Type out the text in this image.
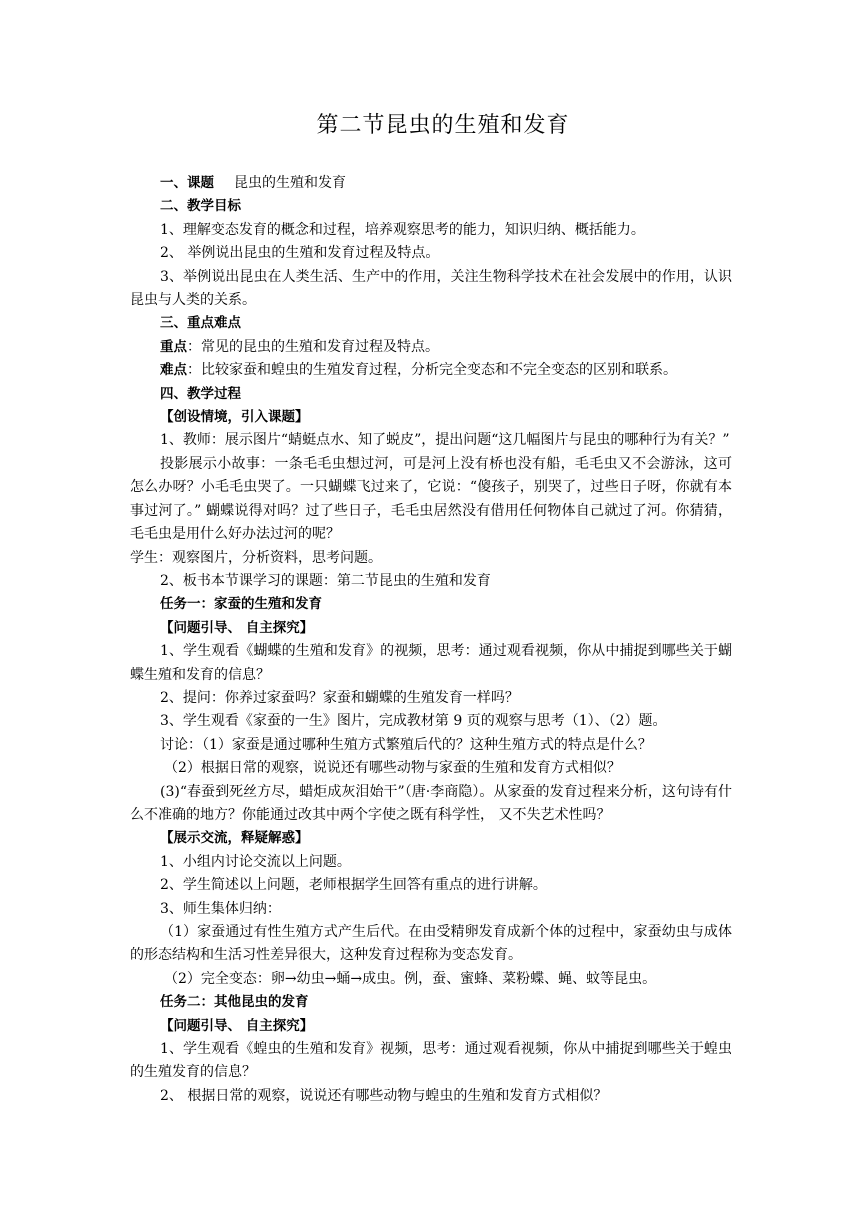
第二节昆虫的生殖和发育

一、课题 昆虫的生殖和发育

二、教学目标

1、理解变态发育的概念和过程，培养观察思考的能力，知识归纳、概括能力。

2、 举例说出昆虫的生殖和发育过程及特点。

3、举例说出昆虫在人类生活、生产中的作用，关注生物科学技术在社会发展中的作用，认识昆虫与人类的关系。

三、重点难点

重点：常见的昆虫的生殖和发育过程及特点。

难点：比较家蚕和蝗虫的生殖发育过程，分析完全变态和不完全变态的区别和联系。

四、教学过程

【创设情境，引入课题】

1、教师：展示图片“蜻蜓点水、知了蜕皮”，提出问题“这几幅图片与昆虫的哪种行为有关？”

投影展示小故事：一条毛毛虫想过河，可是河上没有桥也没有船，毛毛虫又不会游泳，这可怎么办呀？小毛毛虫哭了。一只蝴蝶飞过来了，它说：“傻孩子，别哭了，过些日子呀，你就有本事过河了。” 蝴蝶说得对吗？过了些日子，毛毛虫居然没有借用任何物体自己就过了河。你猜猜，毛毛虫是用什么好办法过河的呢？

学生：观察图片，分析资料，思考问题。

2、板书本节课学习的课题：第二节昆虫的生殖和发育

任务一：家蚕的生殖和发育

【问题引导、 自主探究】

1、学生观看《蝴蝶的生殖和发育》的视频，思考：通过观看视频，你从中捕捉到哪些关于蝴蝶生殖和发育的信息？

2、提问：你养过家蚕吗？家蚕和蝴蝶的生殖发育一样吗？

3、学生观看《家蚕的一生》图片，完成教材第 9 页的观察与思考（1）、（2）题。

讨论：（1）家蚕是通过哪种生殖方式繁殖后代的？这种生殖方式的特点是什么？

（2）根据日常的观察，说说还有哪些动物与家蚕的生殖和发育方式相似？

(3)“春蚕到死丝方尽，蜡炬成灰泪始干”（唐·李商隐）。从家蚕的发育过程来分析，这句诗有什么不准确的地方？你能通过改其中两个字使之既有科学性， 又不失艺术性吗？

【展示交流，释疑解惑】

1、小组内讨论交流以上问题。

2、学生简述以上问题，老师根据学生回答有重点的进行讲解。

3、师生集体归纳：

（1）家蚕通过有性生殖方式产生后代。在由受精卵发育成新个体的过程中，家蚕幼虫与成体的形态结构和生活习性差异很大，这种发育过程称为变态发育。

（2）完全变态：卵→幼虫→蛹→成虫。例，蚕、蜜蜂、菜粉蝶、蝇、蚊等昆虫。

任务二：其他昆虫的发育

【问题引导、 自主探究】

1、学生观看《蝗虫的生殖和发育》视频，思考：通过观看视频，你从中捕捉到哪些关于蝗虫的生殖发育的信息？

2、 根据日常的观察，说说还有哪些动物与蝗虫的生殖和发育方式相似？
